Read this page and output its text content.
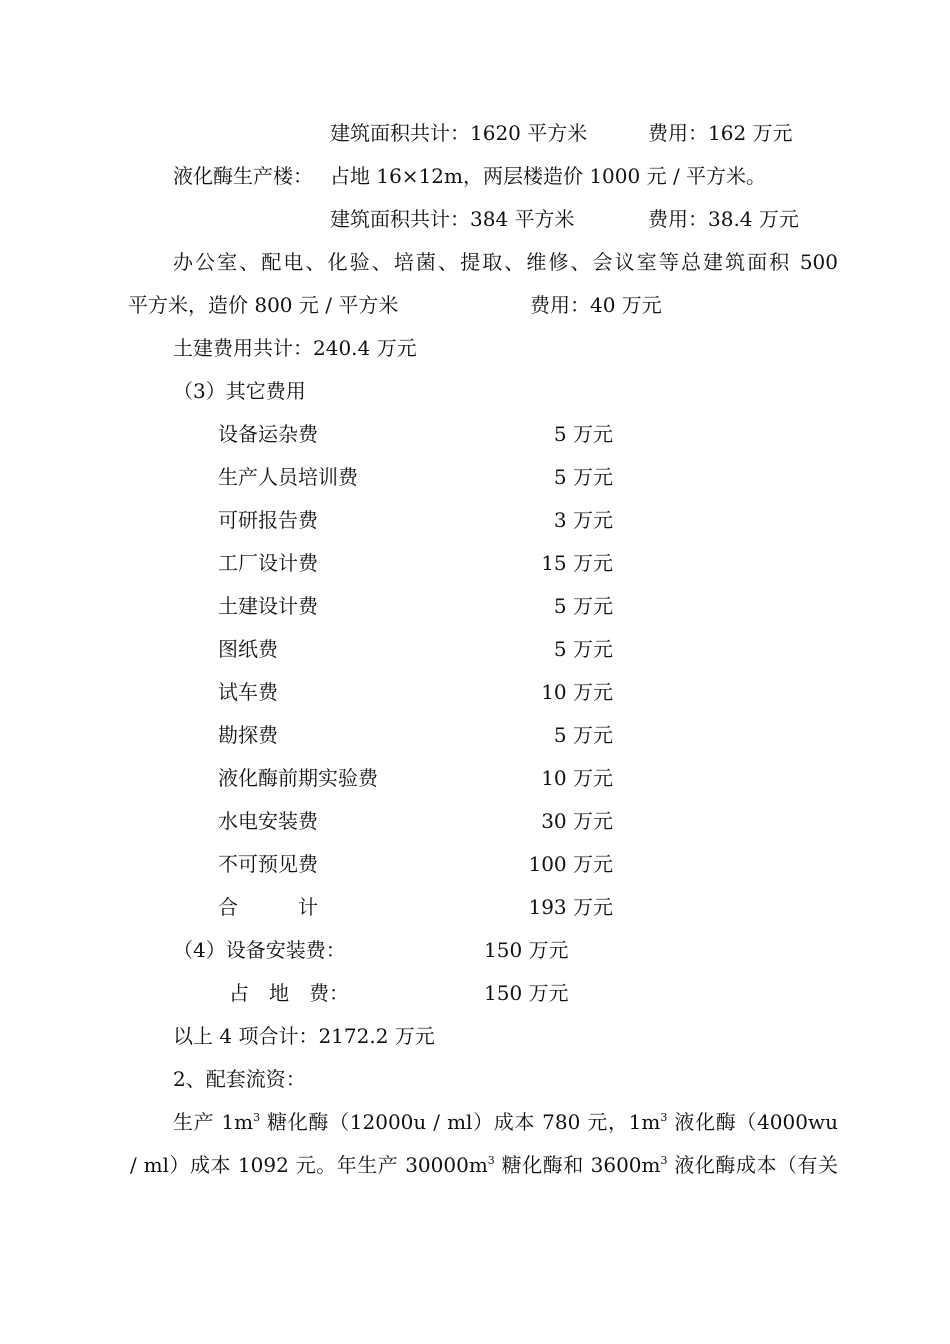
建筑面积共计：1620 平方米	费用：162 万元
液化酶生产楼： 占地 16×12m，两层楼造价 1000 元 / 平方米。
建筑面积共计：384 平方米	费用：38.4 万元
办公室、配电、化验、培菌、提取、维修、会议室等总建筑面积 500
平方米，造价 800 元 / 平方米	费用：40 万元
土建费用共计：240.4 万元
（3）其它费用
设备运杂费	5 万元
生产人员培训费	5 万元
可研报告费	3 万元
工厂设计费	15 万元
土建设计费	5 万元
图纸费	5 万元
试车费	10 万元
勘探费	5 万元
液化酶前期实验费	10 万元
水电安装费	30 万元
不可预见费	100 万元
合　　　计	193 万元
（4）设备安装费：	150 万元
占　地　费：	150 万元
以上 4 项合计：2172.2 万元
2、配套流资：
生产 $1m^3$ 糖化酶（12000u / ml）成本 780 元，$1m^3$ 液化酶（4000wu
/ ml）成本 1092 元。年生产 $30000m^3$ 糖化酶和 $3600m^3$ 液化酶成本（有关
